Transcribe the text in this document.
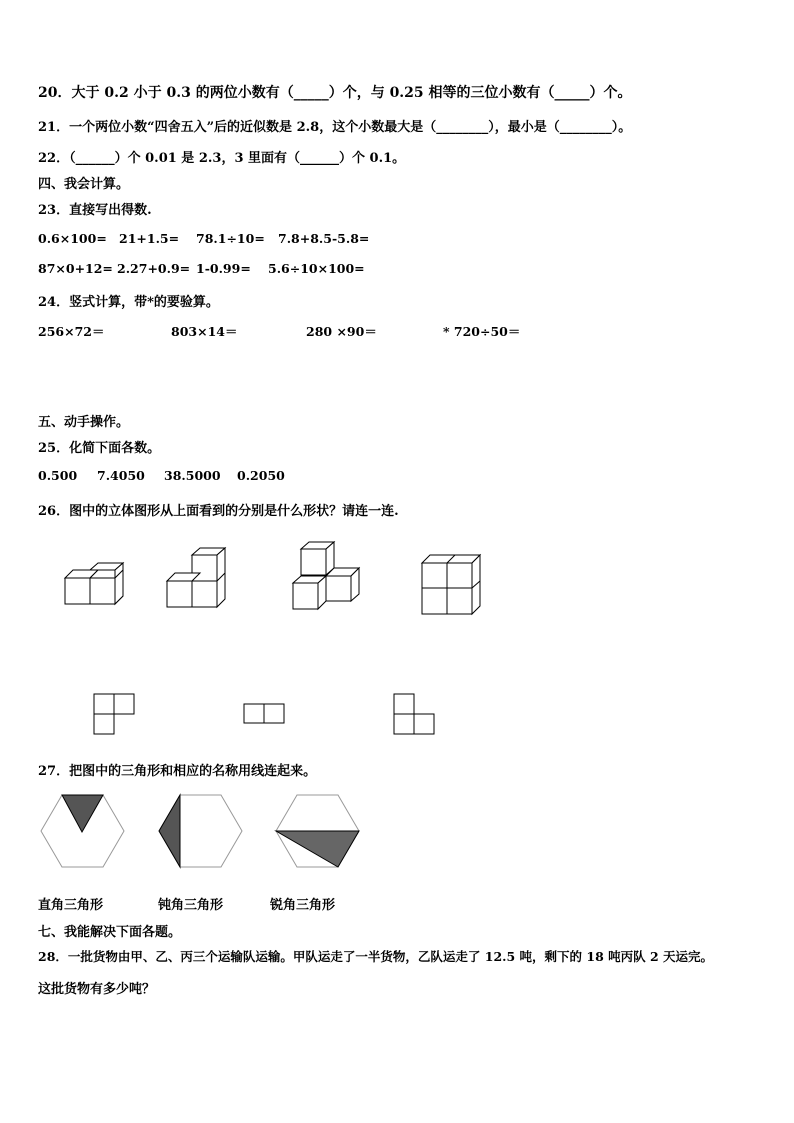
20．大于 0.2 小于 0.3 的两位小数有（_____）个，与 0.25 相等的三位小数有（_____）个。
21．一个两位小数“四舍五入”后的近似数是 2.8，这个小数最大是（________），最小是（________）。
22．（______）个 0.01 是 2.3，3 里面有（______）个 0.1。
四、我会计算。
23．直接写出得数.
0.6×100= 21+1.5= 78.1÷10= 7.8+8.5-5.8=
87×0+12= 2.27+0.9= 1-0.99= 5.6÷10×100=
24．竖式计算，带*的要验算。
256×72＝	803×14＝	280 ×90＝	* 720÷50＝
五、动手操作。
25．化简下面各数。
0.500 7.4050 38.5000 0.2050
26．图中的立体图形从上面看到的分别是什么形状？请连一连.
27．把图中的三角形和相应的名称用线连起来。
直角三角形	钝角三角形	锐角三角形
七、我能解决下面各题。
28．一批货物由甲、乙、丙三个运输队运输。甲队运走了一半货物，乙队运走了 12.5 吨，剩下的 18 吨丙队 2 天运完。
这批货物有多少吨？
